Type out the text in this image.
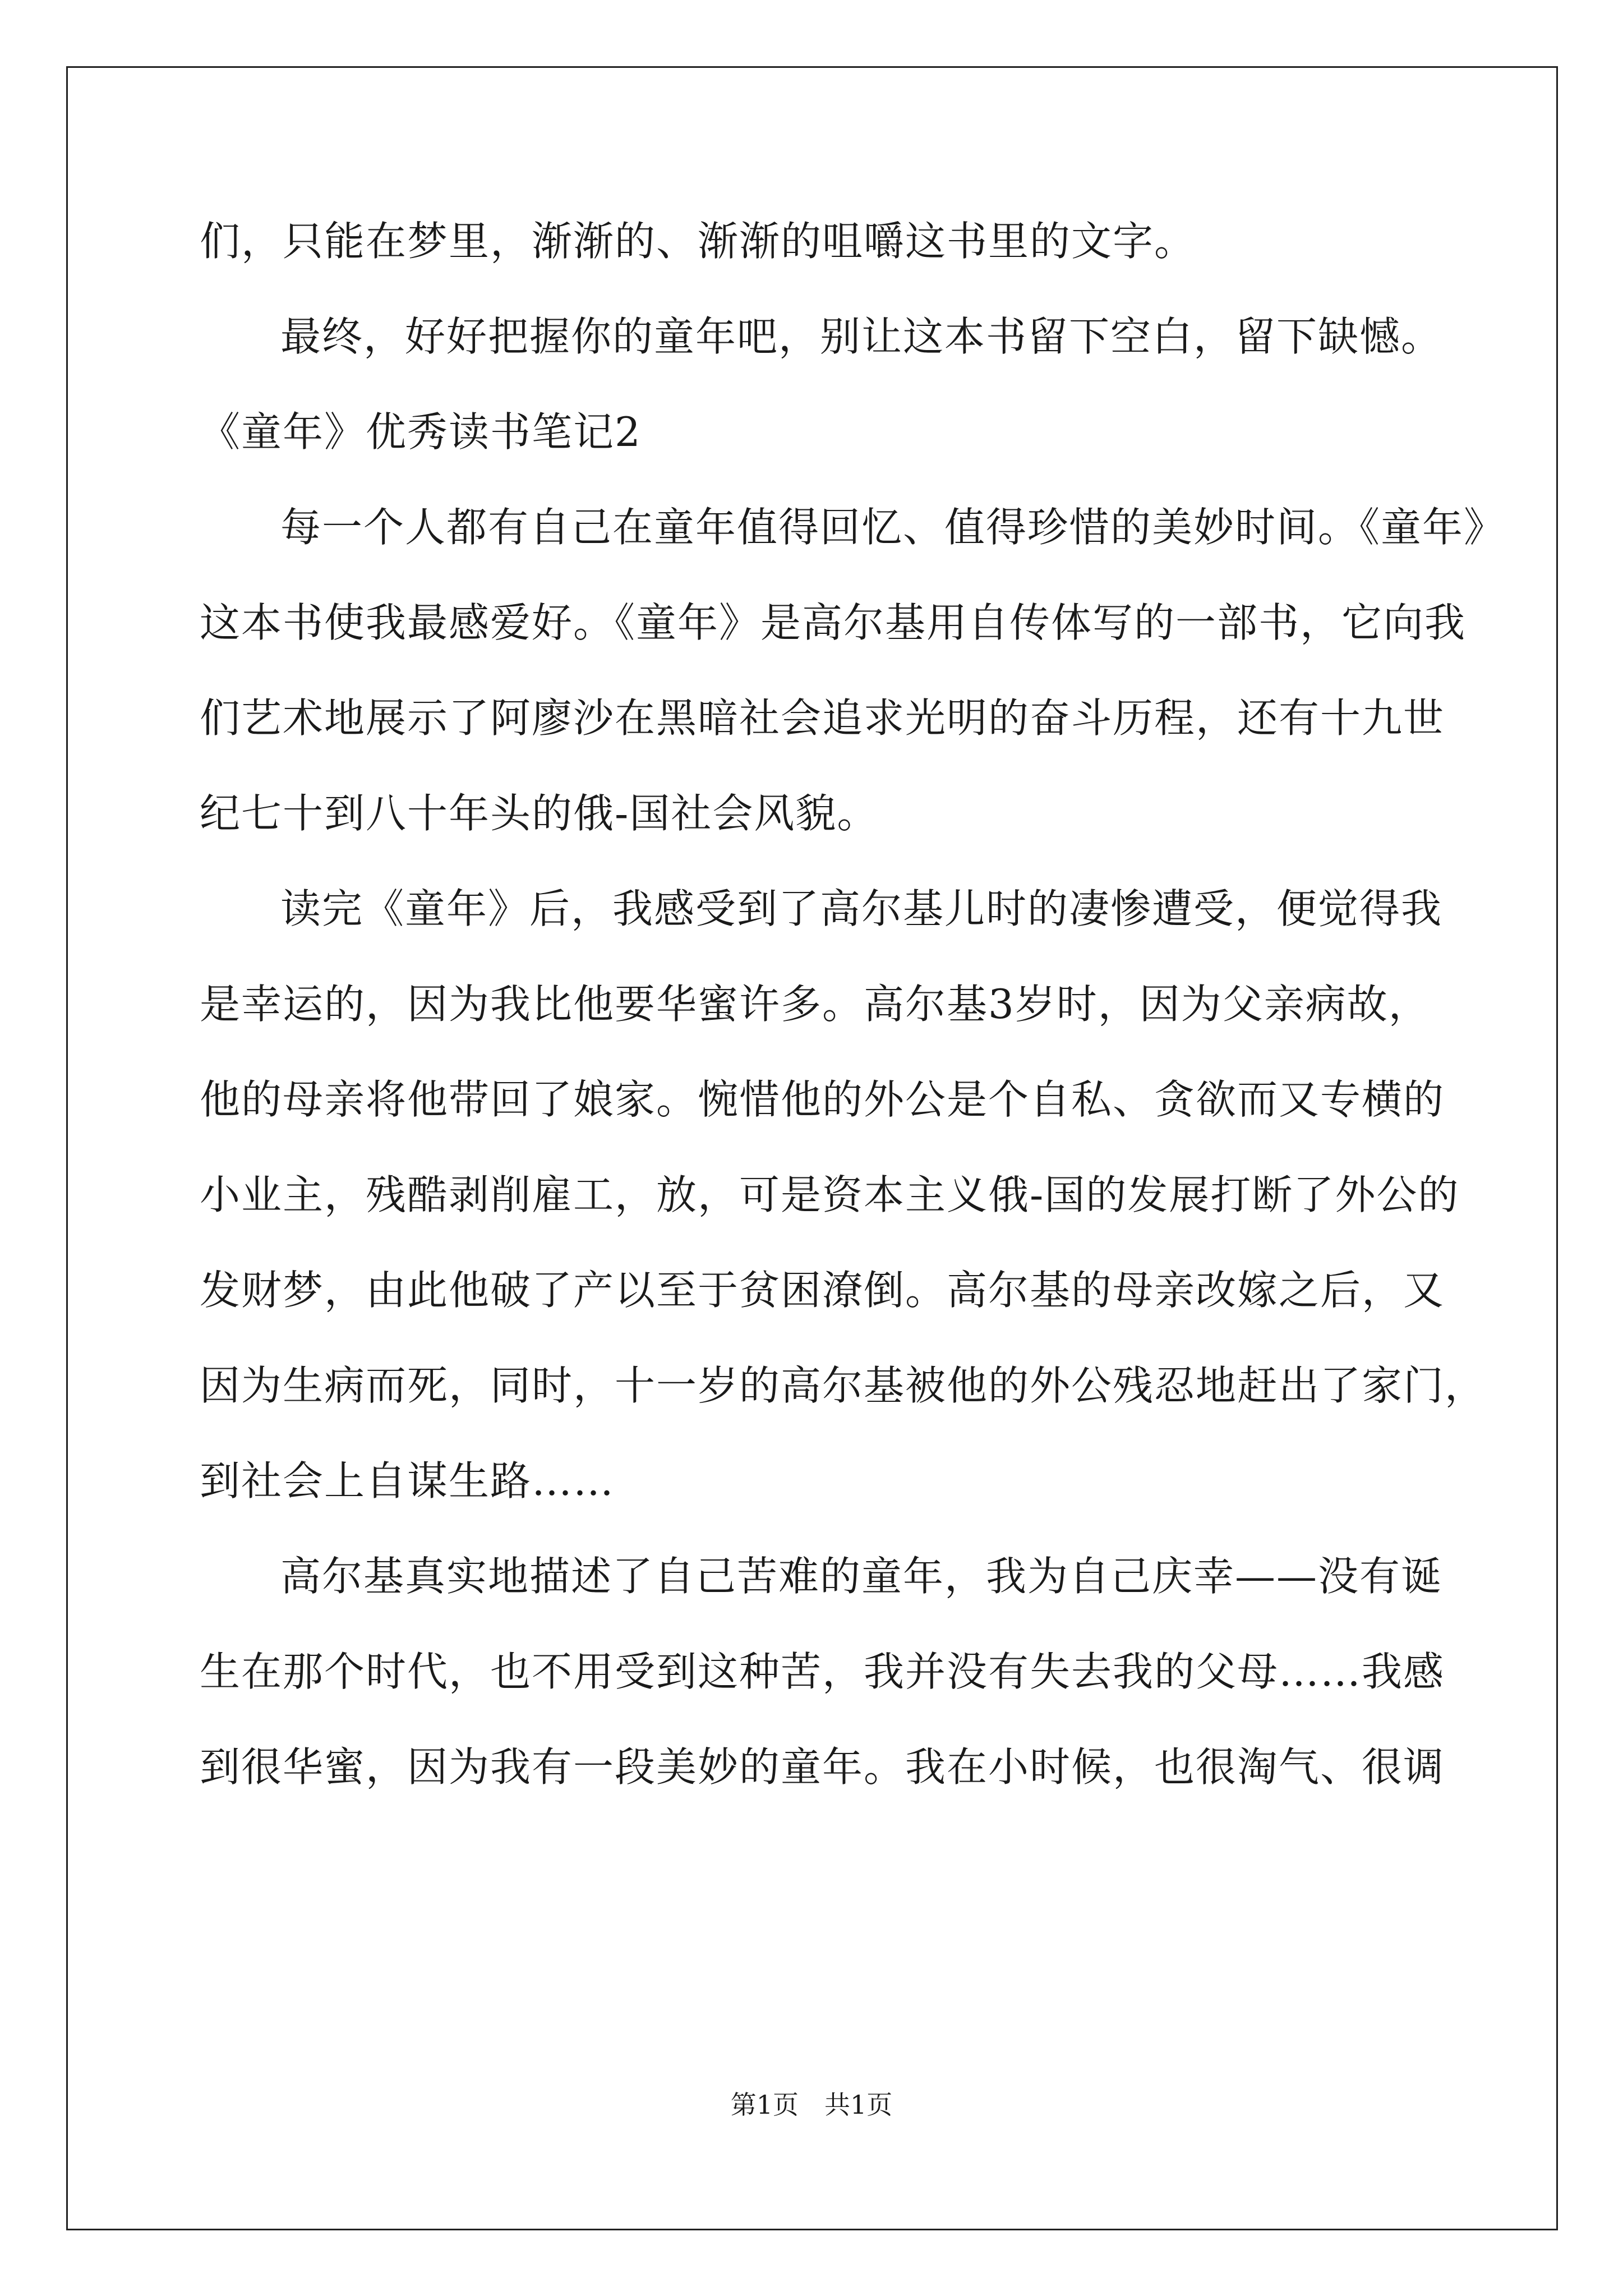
们，只能在梦里，渐渐的、渐渐的咀嚼这书里的文字。
最终，好好把握你的童年吧，别让这本书留下空白，留下缺憾。
《童年》优秀读书笔记2
每一个人都有自己在童年值得回忆、值得珍惜的美妙时间。《童年》
这本书使我最感爱好。《童年》是高尔基用自传体写的一部书，它向我
们艺术地展示了阿廖沙在黑暗社会追求光明的奋斗历程，还有十九世
纪七十到八十年头的俄-国社会风貌。
读完《童年》后，我感受到了高尔基儿时的凄惨遭受，便觉得我
是幸运的，因为我比他要华蜜许多。高尔基3岁时，因为父亲病故，
他的母亲将他带回了娘家。惋惜他的外公是个自私、贪欲而又专横的
小业主，残酷剥削雇工，放，可是资本主义俄-国的发展打断了外公的
发财梦，由此他破了产以至于贫困潦倒。高尔基的母亲改嫁之后，又
因为生病而死，同时，十一岁的高尔基被他的外公残忍地赶出了家门，
到社会上自谋生路……
高尔基真实地描述了自己苦难的童年，我为自己庆幸——没有诞
生在那个时代，也不用受到这种苦，我并没有失去我的父母……我感
到很华蜜，因为我有一段美妙的童年。我在小时候，也很淘气、很调
第1页　共1页
